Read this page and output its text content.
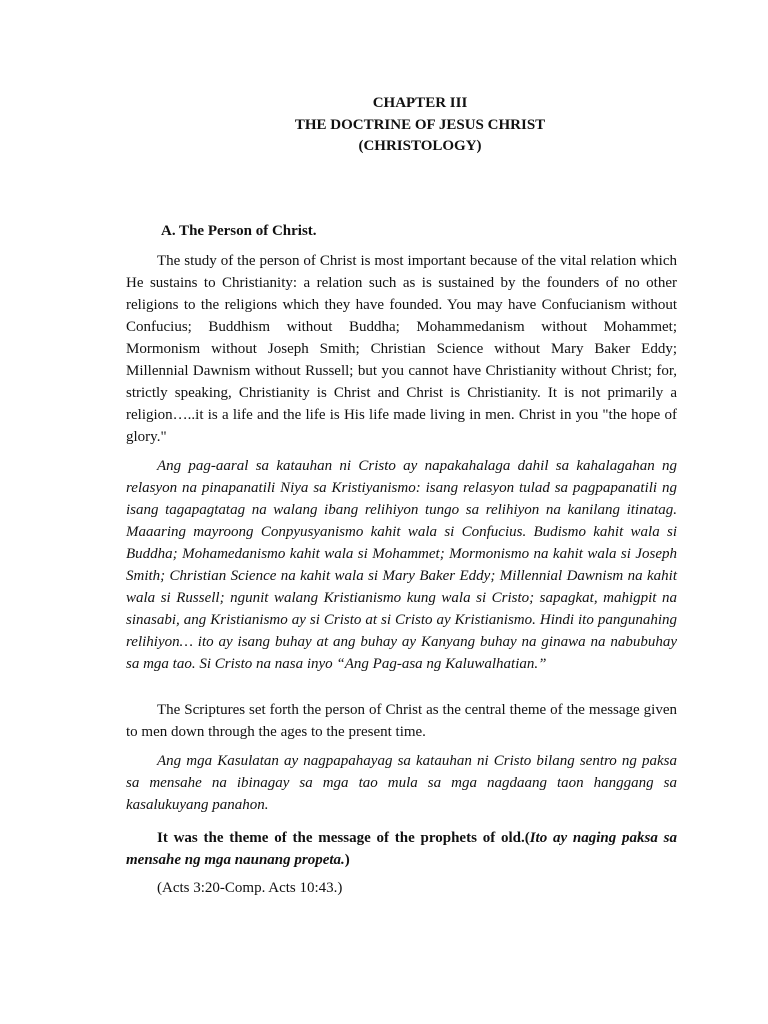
CHAPTER III
THE DOCTRINE OF JESUS CHRIST
(CHRISTOLOGY)

A. The Person of Christ.

The study of the person of Christ is most important because of the vital relation which He sustains to Christianity: a relation such as is sustained by the founders of no other religions to the religions which they have founded. You may have Confucianism without Confucius; Buddhism without Buddha; Mohammedanism without Mohammet; Mormonism without Joseph Smith; Christian Science without Mary Baker Eddy; Millennial Dawnism without Russell; but you cannot have Christianity without Christ; for, strictly speaking, Christianity is Christ and Christ is Christianity. It is not primarily a religion…..it is a life and the life is His life made living in men. Christ in you "the hope of glory."

Ang pag-aaral sa katauhan ni Cristo ay napakahalaga dahil sa kahalagahan ng relasyon na pinapanatili Niya sa Kristiyanismo: isang relasyon tulad sa pagpapanatili ng isang tagapagtatag na walang ibang relihiyon tungo sa relihiyon na kanilang itinatag. Maaaring mayroong Conpyusyanismo kahit wala si Confucius. Budismo kahit wala si Buddha; Mohamedanismo kahit wala si Mohammet; Mormonismo na kahit wala si Joseph Smith; Christian Science na kahit wala si Mary Baker Eddy; Millennial Dawnism na kahit wala si Russell; ngunit walang Kristianismo kung wala si Cristo; sapagkat, mahigpit na sinasabi, ang Kristianismo ay si Cristo at si Cristo ay Kristianismo. Hindi ito pangunahing relihiyon… ito ay isang buhay at ang buhay ay Kanyang buhay na ginawa na nabubuhay sa mga tao. Si Cristo na nasa inyo “Ang Pag-asa ng Kaluwalhatian.”

The Scriptures set forth the person of Christ as the central theme of the message given to men down through the ages to the present time.

Ang mga Kasulatan ay nagpapahayag sa katauhan ni Cristo bilang sentro ng paksa sa mensahe na ibinagay sa mga tao mula sa mga nagdaang taon hanggang sa kasalukuyang panahon.

It was the theme of the message of the prophets of old.(Ito ay naging paksa sa mensahe ng mga naunang propeta.)

(Acts 3:20-Comp. Acts 10:43.)
